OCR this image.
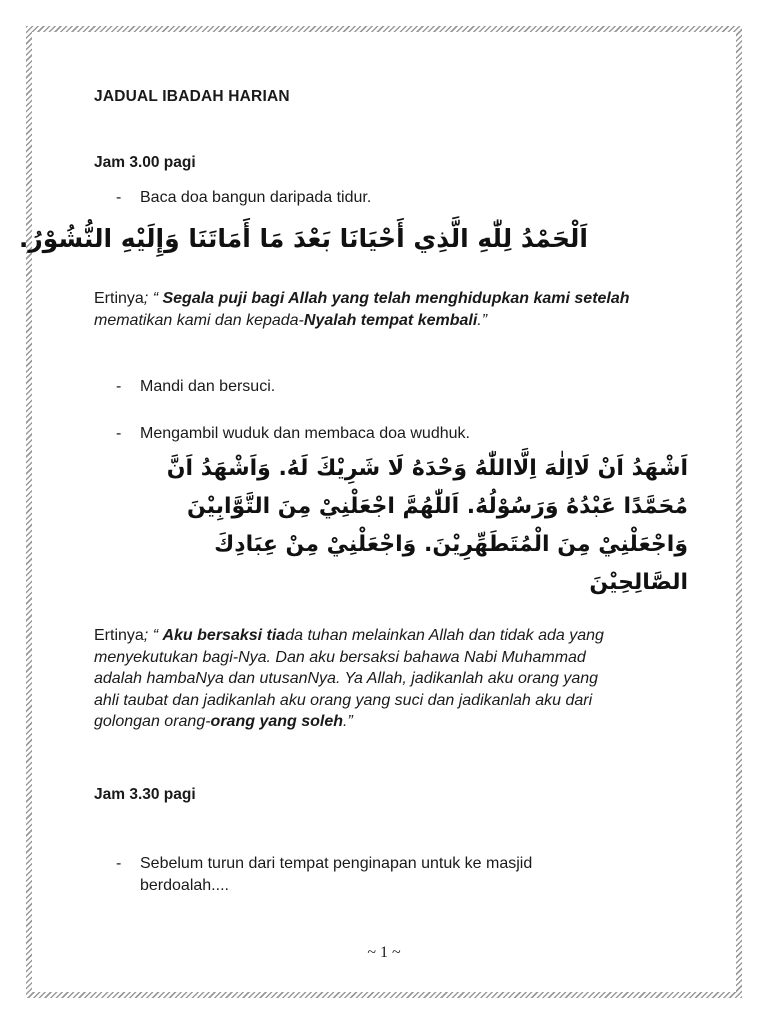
JADUAL IBADAH HARIAN
Jam 3.00 pagi
- Baca doa bangun daripada tidur.
اَلْحَمْدُ لِلّٰهِ الَّذِي أَحْيَانَا بَعْدَ مَا أَمَاتَنَا وَإِلَيْهِ النُّشُوْرُ.
Ertinya; “ Segala puji bagi Allah yang telah menghidupkan kami setelah
mematikan kami dan kepada-Nyalah tempat kembali.”
- Mandi dan bersuci.
- Mengambil wuduk dan membaca doa wudhuk.
اَشْهَدُ اَنْ لَااِلٰهَ اِلَّااللّٰهُ وَحْدَهُ لَا شَرِيْكَ لَهُ. وَاَشْهَدُ اَنَّ
مُحَمَّدًا عَبْدُهُ وَرَسُوْلُهُ. اَللّٰهُمَّ اجْعَلْنِيْ مِنَ التَّوَّابِيْنَ
وَاجْعَلْنِيْ مِنَ الْمُتَطَهِّرِيْنَ. وَاجْعَلْنِيْ مِنْ عِبَادِكَ
الصَّالِحِيْنَ
Ertinya; “ Aku bersaksi tiada tuhan melainkan Allah dan tidak ada yang
menyekutukan bagi-Nya. Dan aku bersaksi bahawa Nabi Muhammad
adalah hambaNya dan utusanNya. Ya Allah, jadikanlah aku orang yang
ahli taubat dan jadikanlah aku orang yang suci dan jadikanlah aku dari
golongan orang-orang yang soleh.”
Jam 3.30 pagi
- Sebelum turun dari tempat penginapan untuk ke masjid
berdoalah....
~ 1 ~
